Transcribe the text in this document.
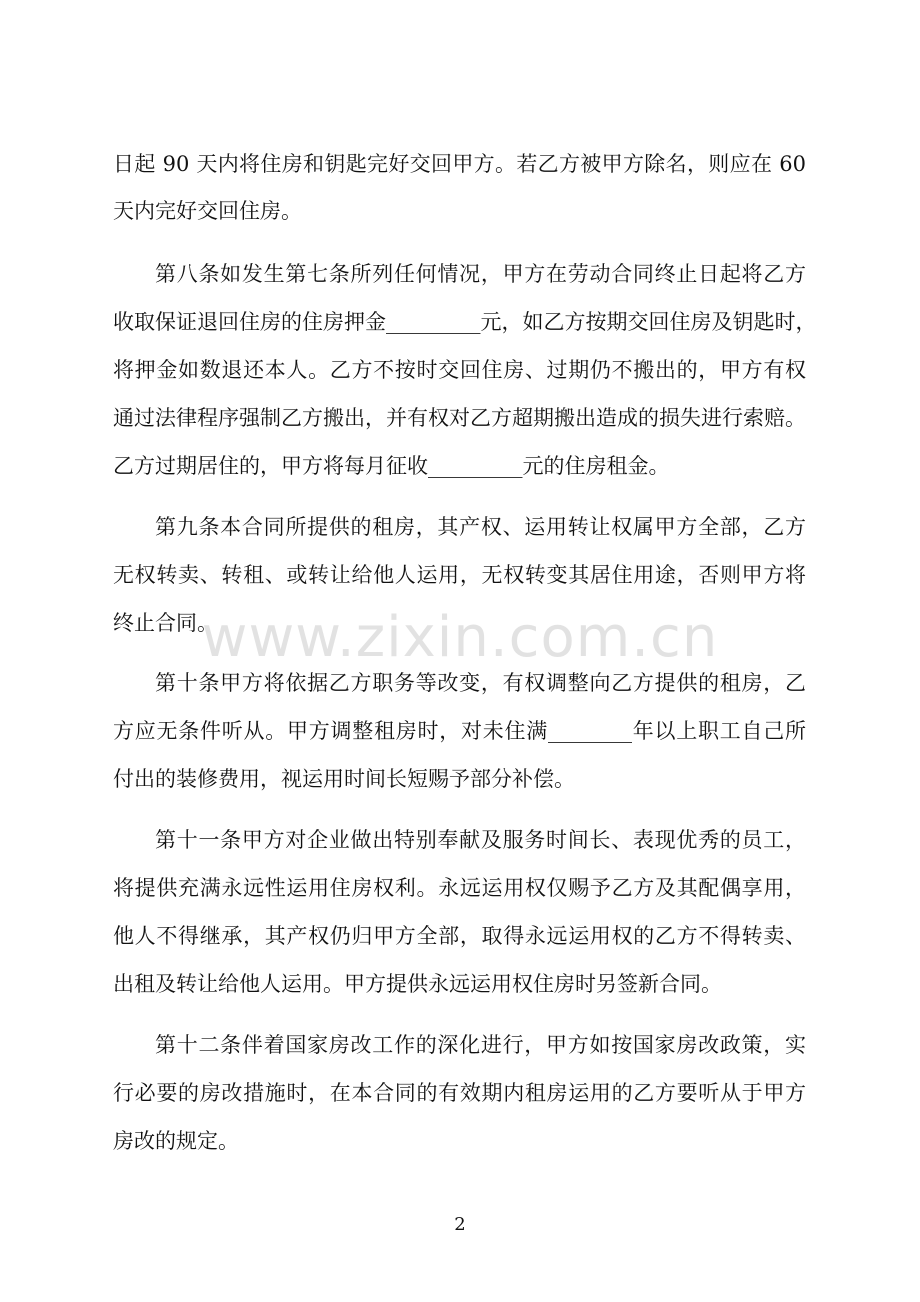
www.zixin.com.cn
日起 90 天内将住房和钥匙完好交回甲方。若乙方被甲方除名，则应在 60
天内完好交回住房。
第八条如发生第七条所列任何情况，甲方在劳动合同终止日起将乙方
收取保证退回住房的住房押金_________元，如乙方按期交回住房及钥匙时，
将押金如数退还本人。乙方不按时交回住房、过期仍不搬出的，甲方有权
通过法律程序强制乙方搬出，并有权对乙方超期搬出造成的损失进行索赔。
乙方过期居住的，甲方将每月征收_________元的住房租金。
第九条本合同所提供的租房，其产权、运用转让权属甲方全部，乙方
无权转卖、转租、或转让给他人运用，无权转变其居住用途，否则甲方将
终止合同。
第十条甲方将依据乙方职务等改变，有权调整向乙方提供的租房，乙
方应无条件听从。甲方调整租房时，对未住满________年以上职工自己所
付出的装修费用，视运用时间长短赐予部分补偿。
第十一条甲方对企业做出特别奉献及服务时间长、表现优秀的员工，
将提供充满永远性运用住房权利。永远运用权仅赐予乙方及其配偶享用，
他人不得继承，其产权仍归甲方全部，取得永远运用权的乙方不得转卖、
出租及转让给他人运用。甲方提供永远运用权住房时另签新合同。
第十二条伴着国家房改工作的深化进行，甲方如按国家房改政策，实
行必要的房改措施时，在本合同的有效期内租房运用的乙方要听从于甲方
房改的规定。
2
